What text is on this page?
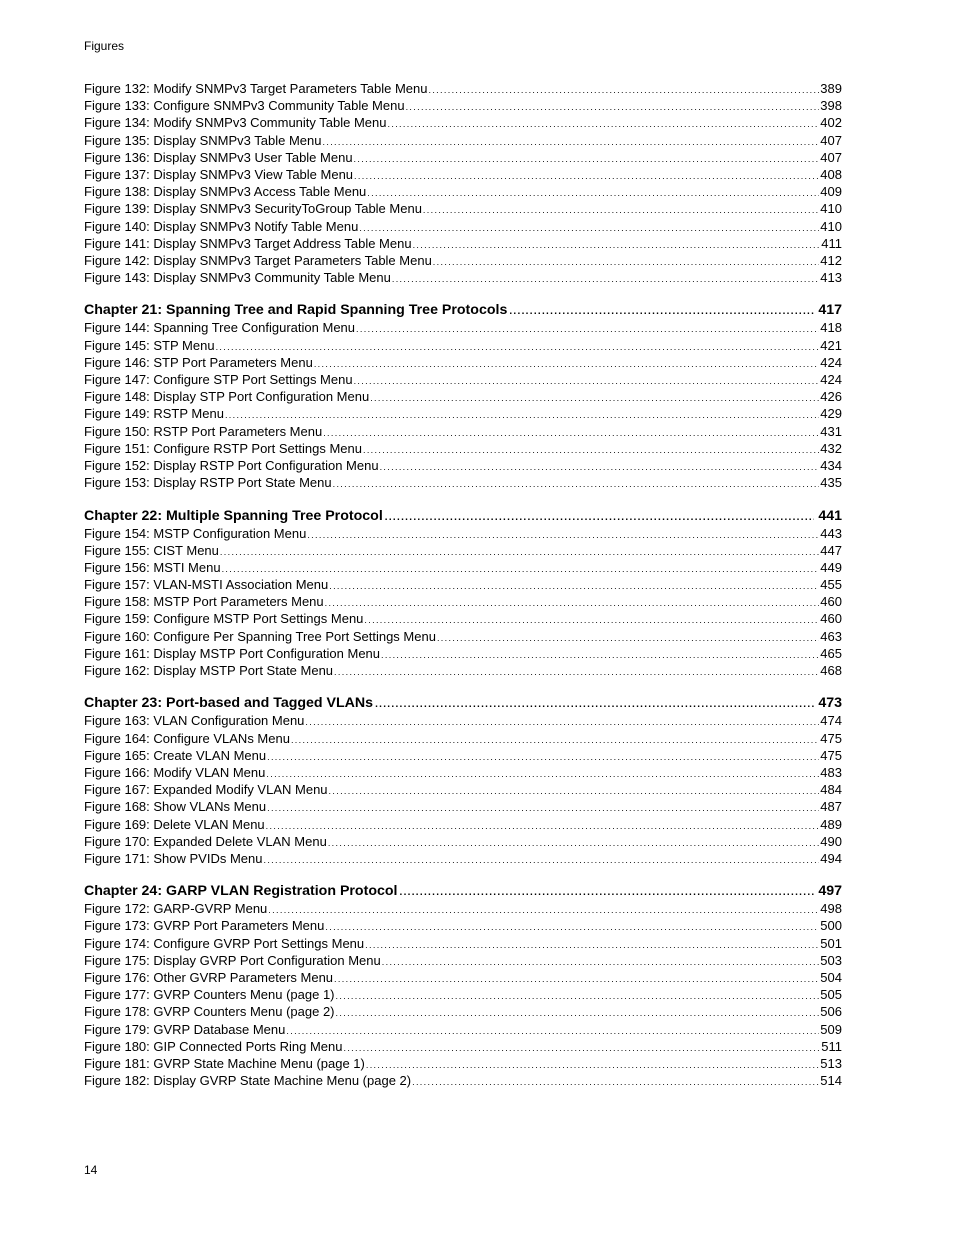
Figures
Figure 132: Modify SNMPv3 Target Parameters Table Menu .....	389
Figure 133: Configure SNMPv3 Community Table Menu .....	398
Figure 134: Modify SNMPv3 Community Table Menu .....	402
Figure 135: Display SNMPv3 Table Menu .....	407
Figure 136: Display SNMPv3 User Table Menu .....	407
Figure 137: Display SNMPv3 View Table Menu .....	408
Figure 138: Display SNMPv3 Access Table Menu .....	409
Figure 139: Display SNMPv3 SecurityToGroup Table Menu .....	410
Figure 140: Display SNMPv3 Notify Table Menu .....	410
Figure 141: Display SNMPv3 Target Address Table Menu .....	411
Figure 142: Display SNMPv3 Target Parameters Table Menu .....	412
Figure 143: Display SNMPv3 Community Table Menu .....	413
Chapter 21: Spanning Tree and Rapid Spanning Tree Protocols .....	417
Figure 144: Spanning Tree Configuration Menu .....	418
Figure 145: STP Menu .....	421
Figure 146: STP Port Parameters Menu .....	424
Figure 147: Configure STP Port Settings Menu .....	424
Figure 148: Display STP Port Configuration Menu .....	426
Figure 149: RSTP Menu .....	429
Figure 150: RSTP Port Parameters Menu .....	431
Figure 151: Configure RSTP Port Settings Menu .....	432
Figure 152: Display RSTP Port Configuration Menu .....	434
Figure 153: Display RSTP Port State Menu .....	435
Chapter 22: Multiple Spanning Tree Protocol .....	441
Figure 154: MSTP Configuration Menu .....	443
Figure 155: CIST Menu .....	447
Figure 156: MSTI Menu .....	449
Figure 157: VLAN-MSTI Association Menu .....	455
Figure 158: MSTP Port Parameters Menu .....	460
Figure 159: Configure MSTP Port Settings Menu .....	460
Figure 160: Configure Per Spanning Tree Port Settings Menu .....	463
Figure 161: Display MSTP Port Configuration Menu .....	465
Figure 162: Display MSTP Port State Menu .....	468
Chapter 23: Port-based and Tagged VLANs .....	473
Figure 163: VLAN Configuration Menu .....	474
Figure 164: Configure VLANs Menu .....	475
Figure 165: Create VLAN Menu .....	475
Figure 166: Modify VLAN Menu .....	483
Figure 167: Expanded Modify VLAN Menu .....	484
Figure 168: Show VLANs Menu .....	487
Figure 169: Delete VLAN Menu .....	489
Figure 170: Expanded Delete VLAN Menu .....	490
Figure 171: Show PVIDs Menu .....	494
Chapter 24: GARP VLAN Registration Protocol .....	497
Figure 172: GARP-GVRP Menu .....	498
Figure 173: GVRP Port Parameters Menu .....	500
Figure 174: Configure GVRP Port Settings Menu .....	501
Figure 175: Display GVRP Port Configuration Menu .....	503
Figure 176: Other GVRP Parameters Menu .....	504
Figure 177: GVRP Counters Menu (page 1) .....	505
Figure 178: GVRP Counters Menu (page 2) .....	506
Figure 179: GVRP Database Menu .....	509
Figure 180: GIP Connected Ports Ring Menu .....	511
Figure 181: GVRP State Machine Menu (page 1) .....	513
Figure 182: Display GVRP State Machine Menu (page 2) .....	514
14
